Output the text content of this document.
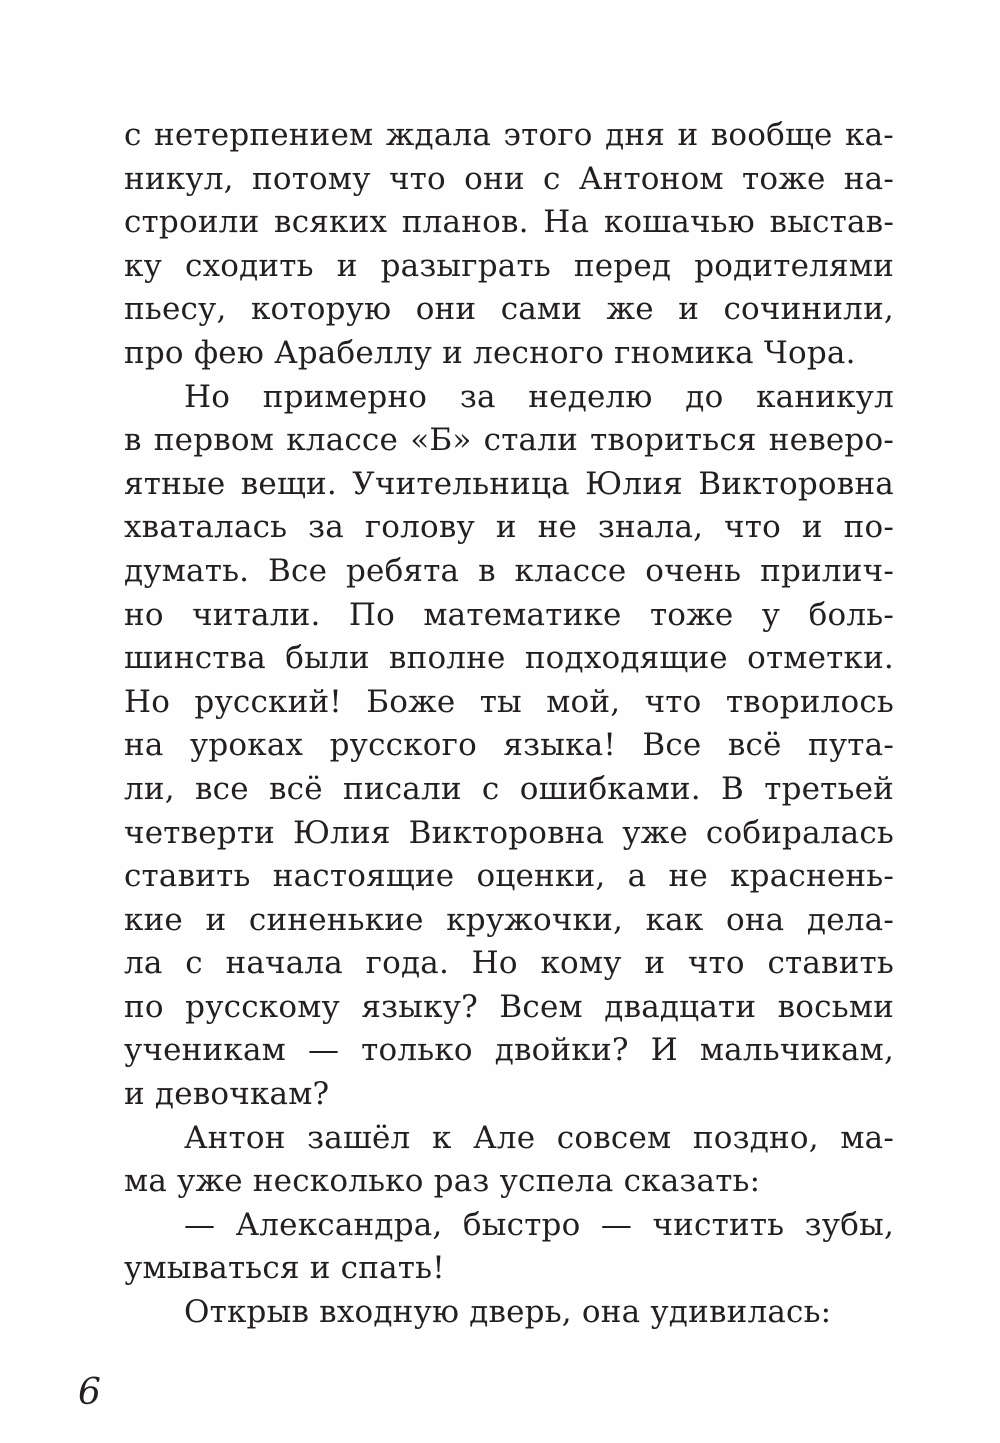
с нетерпением ждала этого дня и вообще ка-
никул, потому что они с Антоном тоже на-
строили всяких планов. На кошачью выстав-
ку сходить и разыграть перед родителями
пьесу, которую они сами же и сочинили,
про фею Арабеллу и лесного гномика Чора.
Но примерно за неделю до каникул
в первом классе «Б» стали твориться неверо-
ятные вещи. Учительница Юлия Викторовна
хваталась за голову и не знала, что и по-
думать. Все ребята в классе очень прилич-
но читали. По математике тоже у боль-
шинства были вполне подходящие отметки.
Но русский! Боже ты мой, что творилось
на уроках русского языка! Все всё пута-
ли, все всё писали с ошибками. В третьей
четверти Юлия Викторовна уже собиралась
ставить настоящие оценки, а не краснень-
кие и синенькие кружочки, как она дела-
ла с начала года. Но кому и что ставить
по русскому языку? Всем двадцати восьми
ученикам — только двойки? И мальчикам,
и девочкам?
Антон зашёл к Але совсем поздно, ма-
ма уже несколько раз успела сказать:
— Александра, быстро — чистить зубы,
умываться и спать!
Открыв входную дверь, она удивилась:
6
